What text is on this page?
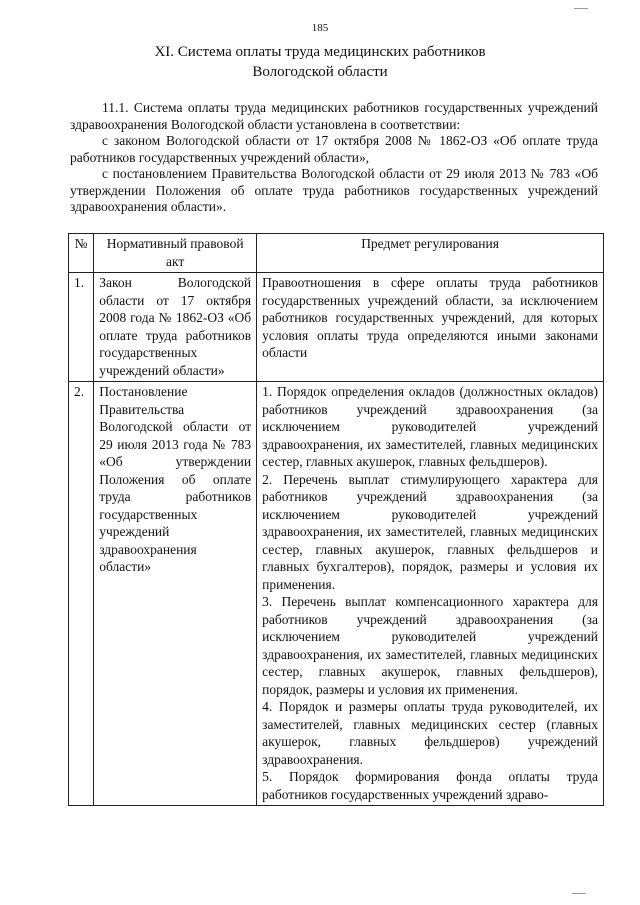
185
XI. Система оплаты труда медицинских работников
Вологодской области

11.1. Система оплаты труда медицинских работников государственных учреждений здравоохранения Вологодской области установлена в соответствии:

с законом Вологодской области от 17 октября 2008 № 1862-ОЗ «Об оплате труда работников государственных учреждений области»,

с постановлением Правительства Вологодской области от 29 июля 2013 № 783 «Об утверждении Положения об оплате труда работников государственных учреждений здравоохранения области».

№	Нормативный правовой акт	Предмет регулирования
1.	Закон Вологодской области от 17 октября 2008 года № 1862-ОЗ «Об оплате труда работников государственных учреждений области»	Правоотношения в сфере оплаты труда работников государственных учреждений области, за исключением работников государственных учреждений, для которых условия оплаты труда определяются иными законами области
2.	Постановление Правительства Вологодской области от 29 июля 2013 года № 783 «Об утверждении Положения об оплате труда работников государственных учреждений здравоохранения области»	1. Порядок определения окладов (должностных окладов) работников учреждений здравоохранения (за исключением руководителей учреждений здравоохранения, их заместителей, главных медицинских сестер, главных акушерок, главных фельдшеров).

2. Перечень выплат стимулирующего характера для работников учреждений здравоохранения (за исключением руководителей учреждений здравоохранения, их заместителей, главных медицинских сестер, главных акушерок, главных фельдшеров и главных бухгалтеров), порядок, размеры и условия их применения.

3. Перечень выплат компенсационного характера для работников учреждений здравоохранения (за исключением руководителей учреждений здравоохранения, их заместителей, главных медицинских сестер, главных акушерок, главных фельдшеров), порядок, размеры и условия их применения.

4. Порядок и размеры оплаты труда руководителей, их заместителей, главных медицинских сестер (главных акушерок, главных фельдшеров) учреждений здравоохранения.

5. Порядок формирования фонда оплаты труда работников государственных учреждений здраво-
